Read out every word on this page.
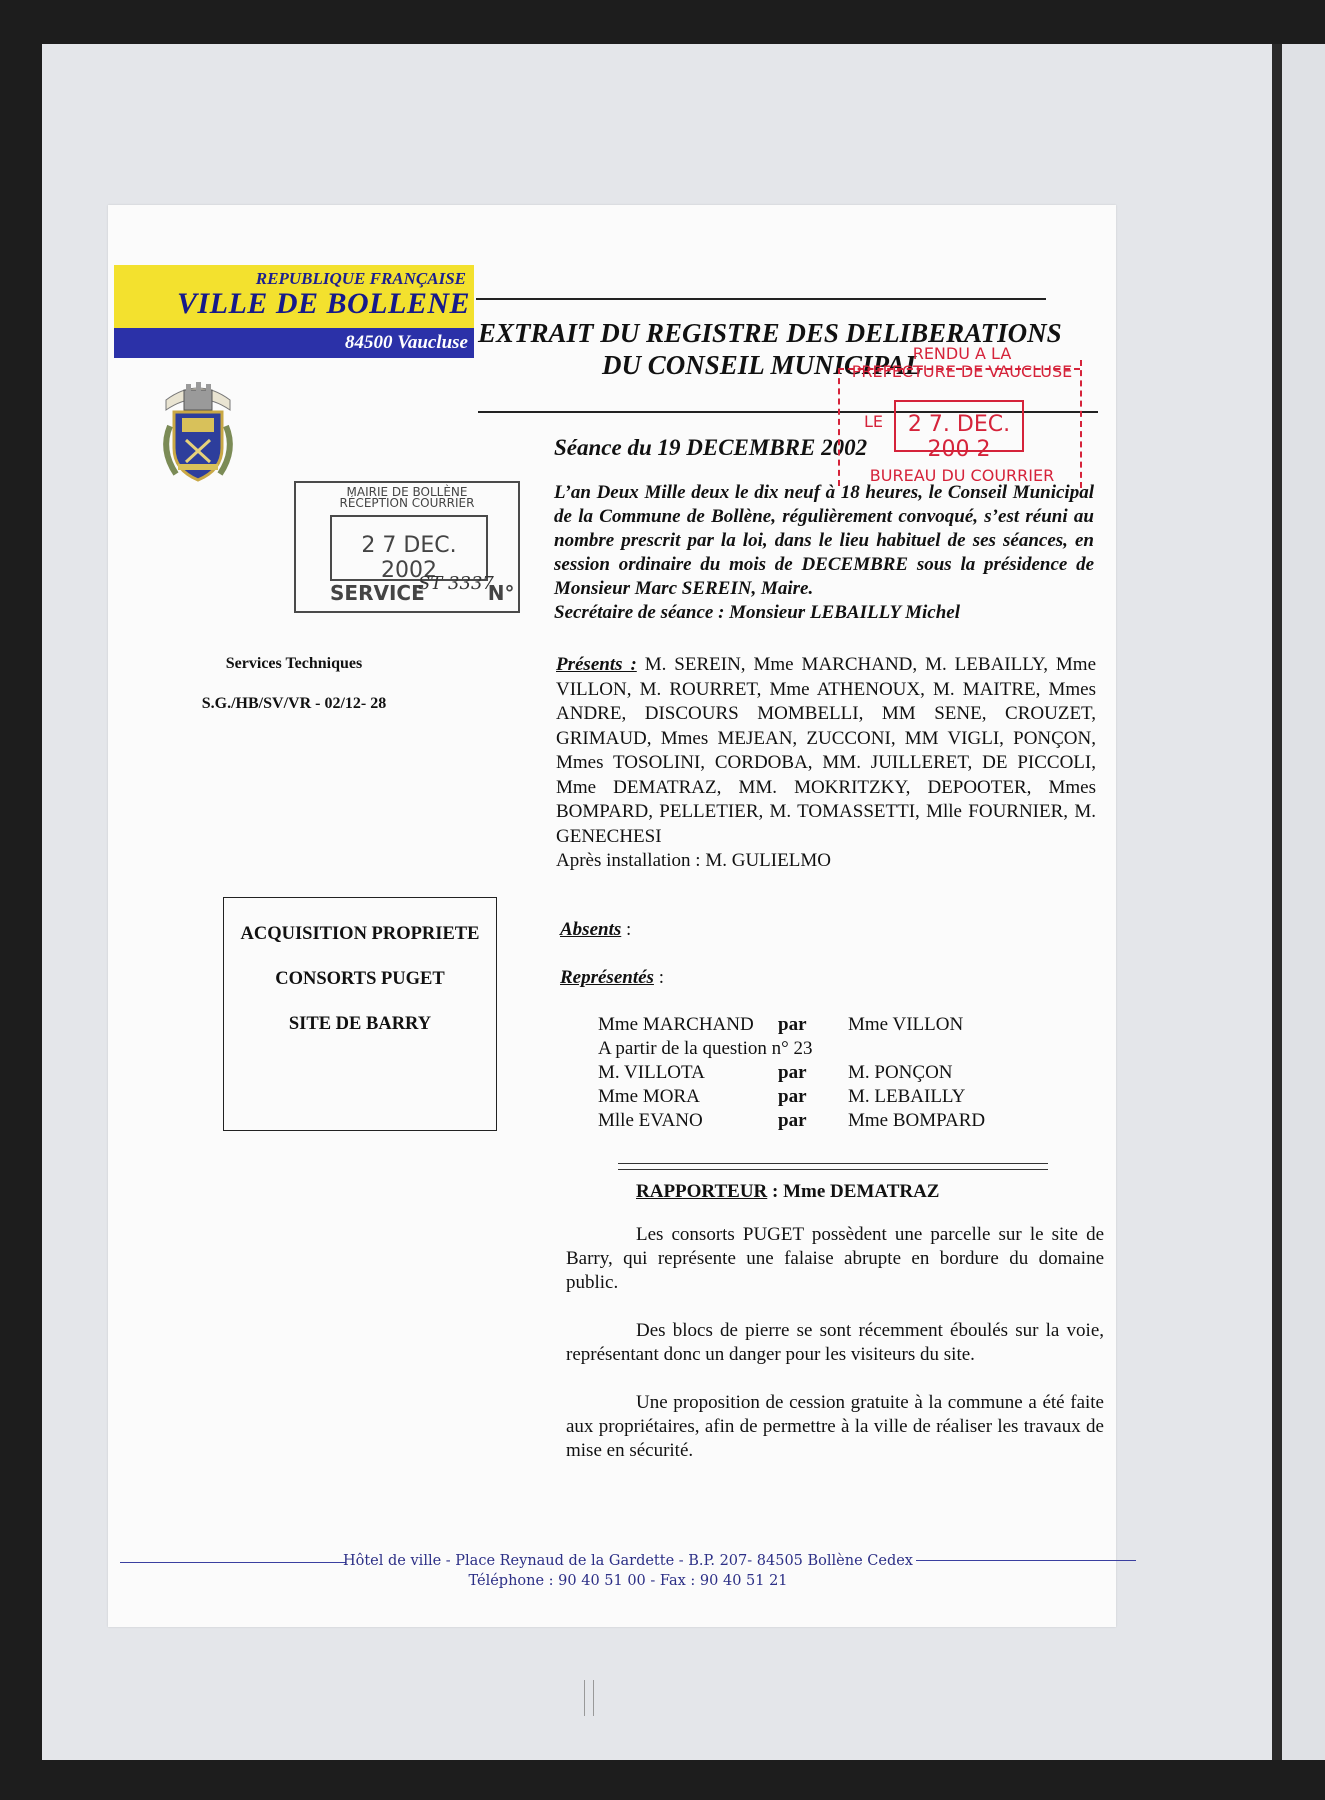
REPUBLIQUE FRANÇAISE
VILLE DE BOLLENE
84500 Vaucluse EXTRAIT DU REGISTRE DES DELIBERATIONS
DU CONSEIL MUNICIPAL
Séance du 19 DECEMBRE 2002

L’an Deux Mille deux le dix neuf à 18 heures, le Conseil Municipal de la Commune de Bollène, régulièrement convoqué, s’est réuni au nombre prescrit par la loi, dans le lieu habituel de ses séances, en session ordinaire du mois de DECEMBRE sous la présidence de Monsieur Marc SEREIN, Maire.

Secrétaire de séance : Monsieur LEBAILLY Michel

Services Techniques
S.G./HB/SV/VR - 02/12- 28
ACQUISITION PROPRIETE
CONSORTS PUGET
SITE DE BARRY
MAIRIE DE BOLLÈNE
RÉCEPTION COURRIER
2 7 DEC. 2002
SERVICE	N°
ST 3337
RENDU A LA
PREFECTURE DE VAUCLUSE
LE	2 7. DEC. 200 2
BUREAU DU COURRIER

Présents : M. SEREIN, Mme MARCHAND, M. LEBAILLY, Mme VILLON, M. ROURRET, Mme ATHENOUX, M. MAITRE, Mmes ANDRE, DISCOURS MOMBELLI, MM SENE, CROUZET, GRIMAUD, Mmes MEJEAN, ZUCCONI, MM VIGLI, PONÇON, Mmes TOSOLINI, CORDOBA, MM. JUILLERET, DE PICCOLI, Mme DEMATRAZ, MM. MOKRITZKY, DEPOOTER, Mmes BOMPARD, PELLETIER, M. TOMASSETTI, Mlle FOURNIER, M. GENECHESI

Après installation : M. GULIELMO

Absents :
Représentés :
Mme MARCHAND par Mme VILLON
A partir de la question n° 23
M. VILLOTA	par M. PONÇON
Mme MORA	par M. LEBAILLY
Mlle EVANO	par Mme BOMPARD
RAPPORTEUR : Mme DEMATRAZ

Les consorts PUGET possèdent une parcelle sur le site de Barry, qui représente une falaise abrupte en bordure du domaine public.

Des blocs de pierre se sont récemment éboulés sur la voie, représentant donc un danger pour les visiteurs du site.

Une proposition de cession gratuite à la commune a été faite aux propriétaires, afin de permettre à la ville de réaliser les travaux de mise en sécurité.

Hôtel de ville - Place Reynaud de la Gardette - B.P. 207- 84505 Bollène Cedex
Téléphone : 90 40 51 00 - Fax : 90 40 51 21
